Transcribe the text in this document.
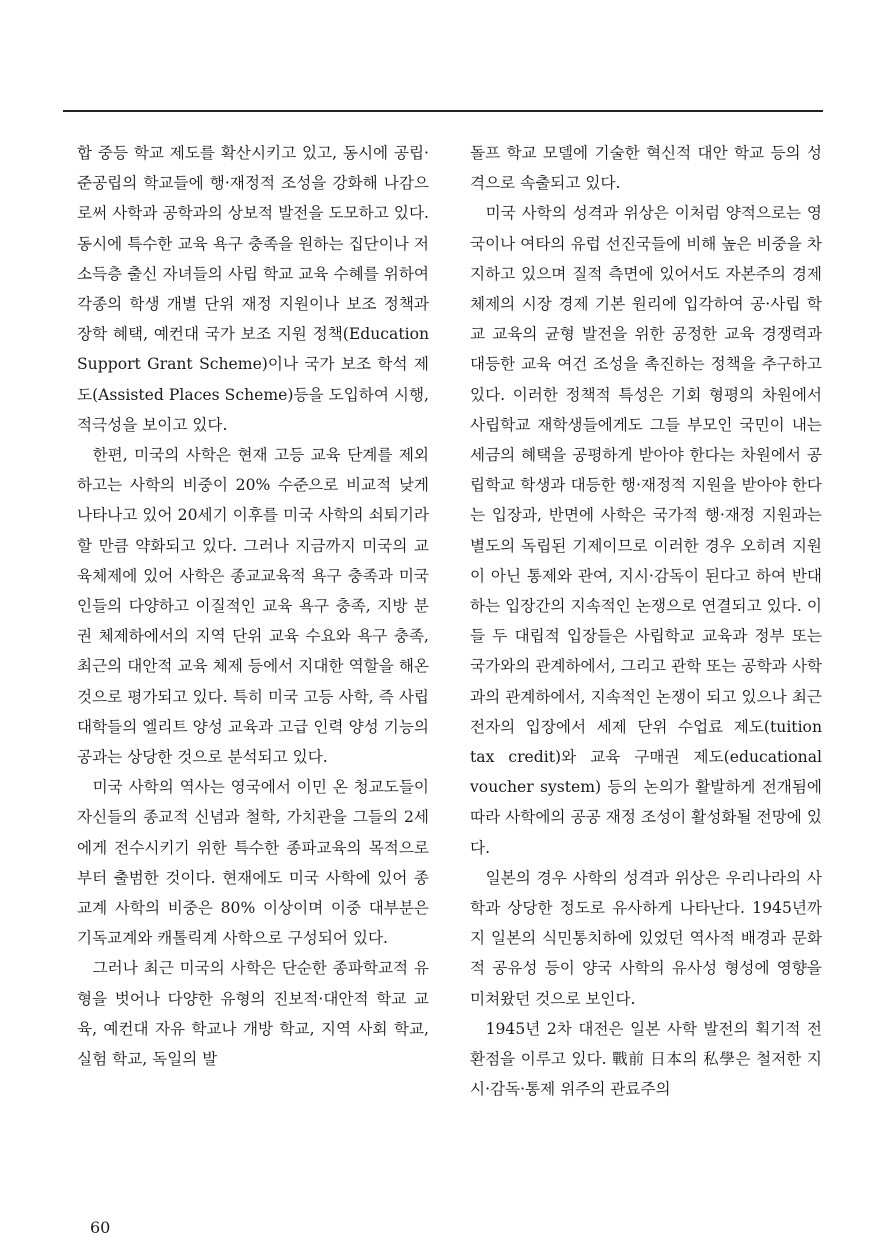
합 중등 학교 제도를 확산시키고 있고, 동시에 공립·준공립의 학교들에 행·재정적 조성을 강화해 나감으로써 사학과 공학과의 상보적 발전을 도모하고 있다. 동시에 특수한 교육 욕구 충족을 원하는 집단이나 저소득층 출신 자녀들의 사립 학교 교육 수혜를 위하여 각종의 학생 개별 단위 재정 지원이나 보조 정책과 장학 혜택, 예컨대 국가 보조 지원 정책(Education Support Grant Scheme)이나 국가 보조 학석 제도(Assisted Places Scheme)등을 도입하여 시행, 적극성을 보이고 있다.

한편, 미국의 사학은 현재 고등 교육 단계를 제외하고는 사학의 비중이 20% 수준으로 비교적 낮게 나타나고 있어 20세기 이후를 미국 사학의 쇠퇴기라 할 만큼 약화되고 있다. 그러나 지금까지 미국의 교육체제에 있어 사학은 종교교육적 욕구 충족과 미국인들의 다양하고 이질적인 교육 욕구 충족, 지방 분권 체제하에서의 지역 단위 교육 수요와 욕구 충족, 최근의 대안적 교육 체제 등에서 지대한 역할을 해온 것으로 평가되고 있다. 특히 미국 고등 사학, 즉 사립대학들의 엘리트 양성 교육과 고급 인력 양성 기능의 공과는 상당한 것으로 분석되고 있다.

미국 사학의 역사는 영국에서 이민 온 청교도들이 자신들의 종교적 신념과 철학, 가치관을 그들의 2세에게 전수시키기 위한 특수한 종파교육의 목적으로부터 출범한 것이다. 현재에도 미국 사학에 있어 종교계 사학의 비중은 80% 이상이며 이중 대부분은 기독교계와 캐톨릭계 사학으로 구성되어 있다.

그러나 최근 미국의 사학은 단순한 종파학교적 유형을 벗어나 다양한 유형의 진보적·대안적 학교 교육, 예컨대 자유 학교나 개방 학교, 지역 사회 학교, 실험 학교, 독일의 발

돌프 학교 모델에 기술한 혁신적 대안 학교 등의 성격으로 속출되고 있다.

미국 사학의 성격과 위상은 이처럼 양적으로는 영국이나 여타의 유럽 선진국들에 비해 높은 비중을 차지하고 있으며 질적 측면에 있어서도 자본주의 경제 체제의 시장 경제 기본 원리에 입각하여 공·사립 학교 교육의 균형 발전을 위한 공정한 교육 경쟁력과 대등한 교육 여건 조성을 촉진하는 정책을 추구하고 있다. 이러한 정책적 특성은 기회 형평의 차원에서 사립학교 재학생들에게도 그들 부모인 국민이 내는 세금의 혜택을 공평하게 받아야 한다는 차원에서 공립학교 학생과 대등한 행·재정적 지원을 받아야 한다는 입장과, 반면에 사학은 국가적 행·재정 지원과는 별도의 독립된 기제이므로 이러한 경우 오히려 지원이 아닌 통제와 관여, 지시·감독이 된다고 하여 반대하는 입장간의 지속적인 논쟁으로 연결되고 있다. 이들 두 대립적 입장들은 사립학교 교육과 정부 또는 국가와의 관계하에서, 그리고 관학 또는 공학과 사학과의 관계하에서, 지속적인 논쟁이 되고 있으나 최근 전자의 입장에서 세제 단위 수업료 제도(tuition tax credit)와 교육 구매권 제도(educational voucher system) 등의 논의가 활발하게 전개됨에 따라 사학에의 공공 재정 조성이 활성화될 전망에 있다.

일본의 경우 사학의 성격과 위상은 우리나라의 사학과 상당한 정도로 유사하게 나타난다. 1945년까지 일본의 식민통치하에 있었던 역사적 배경과 문화적 공유성 등이 양국 사학의 유사성 형성에 영향을 미쳐왔던 것으로 보인다.

1945년 2차 대전은 일본 사학 발전의 획기적 전환점을 이루고 있다. 戰前 日本의 私學은 철저한 지시·감독·통제 위주의 관료주의

60
